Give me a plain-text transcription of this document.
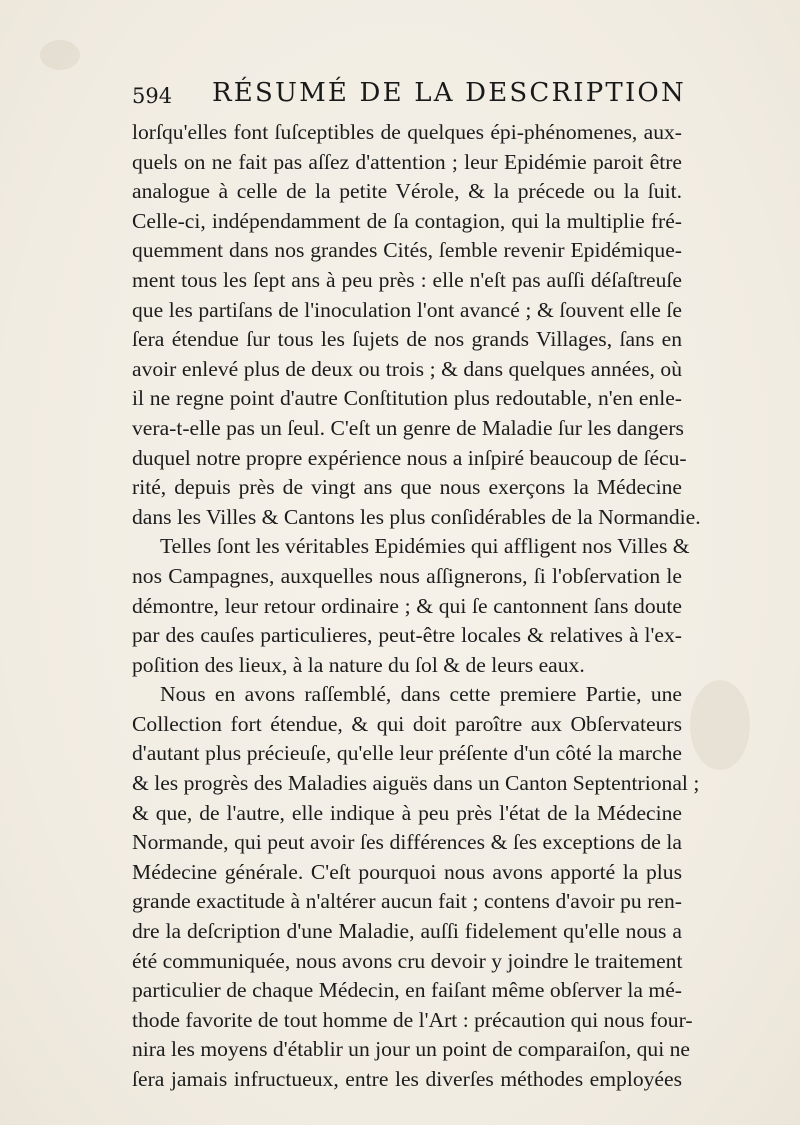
594 RÉSUMÉ DE LA DESCRIPTION
lorſqu'elles font ſuſceptibles de quelques épi-phénomenes, aux-
quels on ne fait pas aſſez d'attention ; leur Epidémie paroit être
analogue à celle de la petite Vérole, & la précede ou la ſuit.
Celle-ci, indépendamment de ſa contagion, qui la multiplie fré-
quemment dans nos grandes Cités, ſemble revenir Epidémique-
ment tous les ſept ans à peu près : elle n'eſt pas auſſi déſaſtreuſe
que les partiſans de l'inoculation l'ont avancé ; & ſouvent elle ſe
ſera étendue ſur tous les ſujets de nos grands Villages, ſans en
avoir enlevé plus de deux ou trois ; & dans quelques années, où
il ne regne point d'autre Conſtitution plus redoutable, n'en enle-
vera-t-elle pas un ſeul. C'eſt un genre de Maladie ſur les dangers
duquel notre propre expérience nous a inſpiré beaucoup de ſécu-
rité, depuis près de vingt ans que nous exerçons la Médecine
dans les Villes & Cantons les plus conſidérables de la Normandie.
Telles ſont les véritables Epidémies qui affligent nos Villes &
nos Campagnes, auxquelles nous aſſignerons, ſi l'obſervation le
démontre, leur retour ordinaire ; & qui ſe cantonnent ſans doute
par des cauſes particulieres, peut-être locales & relatives à l'ex-
poſition des lieux, à la nature du ſol & de leurs eaux.
Nous en avons raſſemblé, dans cette premiere Partie, une
Collection fort étendue, & qui doit paroître aux Obſervateurs
d'autant plus précieuſe, qu'elle leur préſente d'un côté la marche
& les progrès des Maladies aiguës dans un Canton Septentrional ;
& que, de l'autre, elle indique à peu près l'état de la Médecine
Normande, qui peut avoir ſes différences & ſes exceptions de la
Médecine générale. C'eſt pourquoi nous avons apporté la plus
grande exactitude à n'altérer aucun fait ; contens d'avoir pu ren-
dre la deſcription d'une Maladie, auſſi fidelement qu'elle nous a
été communiquée, nous avons cru devoir y joindre le traitement
particulier de chaque Médecin, en faiſant même obſerver la mé-
thode favorite de tout homme de l'Art : précaution qui nous four-
nira les moyens d'établir un jour un point de comparaiſon, qui ne
ſera jamais infructueux, entre les diverſes méthodes employées
